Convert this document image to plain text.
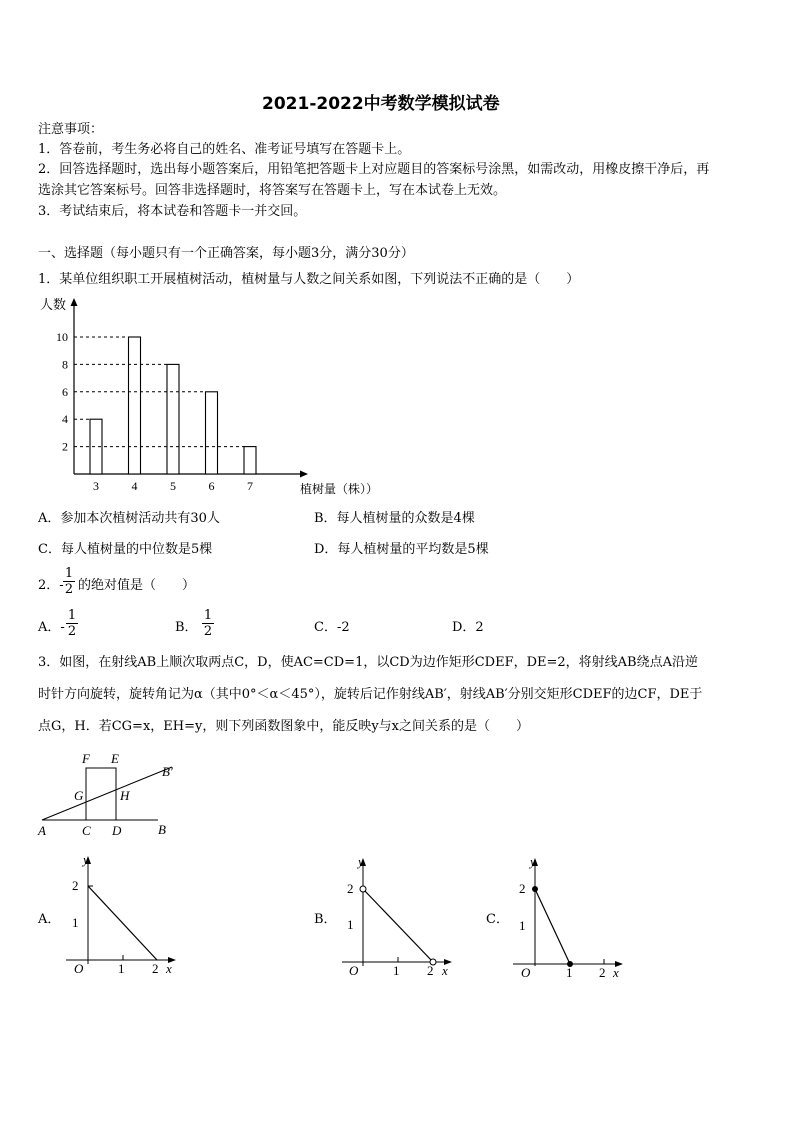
2021-2022中考数学模拟试卷
注意事项：
1．答卷前，考生务必将自己的姓名、准考证号填写在答题卡上。
2．回答选择题时，选出每小题答案后，用铅笔把答题卡上对应题目的答案标号涂黑，如需改动，用橡皮擦干净后，再
选涂其它答案标号。回答非选择题时，将答案写在答题卡上，写在本试卷上无效。
3．考试结束后，将本试卷和答题卡一并交回。
一、选择题（每小题只有一个正确答案，每小题3分，满分30分）
1．某单位组织职工开展植树活动，植树量与人数之间关系如图，下列说法不正确的是（　　）
人数
植树量（株））
2
4
6
8
10
3	4	5	6	7
A．参加本次植树活动共有30人	B．每人植树量的众数是4棵
C．每人植树量的中位数是5棵	D．每人植树量的平均数是5棵
2．- $\frac{1}{2}$ 的绝对值是（　　）
A．- $\frac{1}{2}$	B． $\frac{1}{2}$	C．-2	D．2
3．如图，在射线AB上顺次取两点C，D，使AC=CD=1，以CD为边作矩形CDEF，DE=2，将射线AB绕点A沿逆
时针方向旋转，旋转角记为α（其中0°＜α＜45°），旋转后记作射线AB′，射线AB′分别交矩形CDEF的边CF，DE于
点G，H．若CG=x，EH=y，则下列函数图象中，能反映y与x之间关系的是（　　）
F E
B′
G	H
A	C D	B
A．	B．	C．
y
2
1
O	1 2 x
y
2
1
O	1 2 x
y
2
1
O	1 2 x
